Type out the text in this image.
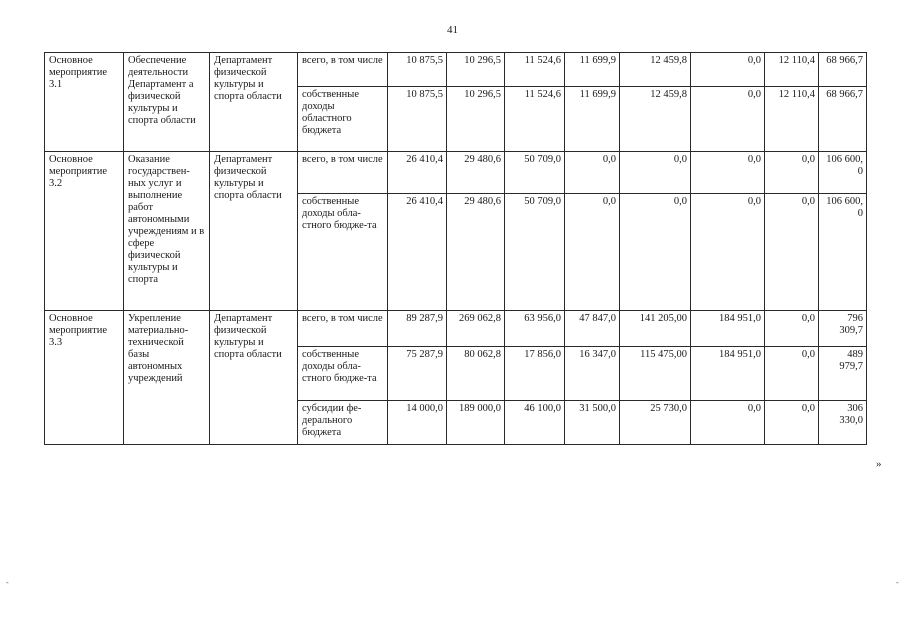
41
Основное мероприятие 3.1	Обеспечение деятельности Департамент а физической культуры и спорта области	Департамент физической культуры и спорта области	всего, в том числе	10 875,5	10 296,5	11 524,6	11 699,9	12 459,8	0,0	12 110,4	68 966,7
			собственные доходы областного бюджета	10 875,5	10 296,5	11 524,6	11 699,9	12 459,8	0,0	12 110,4	68 966,7
Основное мероприятие 3.2	Оказание государствен-ных услуг и выполнение работ автономными учреждениям и в сфере физической культуры и спорта	Департамент физической культуры и спорта области	всего, в том числе	26 410,4	29 480,6	50 709,0	0,0	0,0	0,0	0,0	106 600, 0
			собственные доходы обла-стного бюдже-та	26 410,4	29 480,6	50 709,0	0,0	0,0	0,0	0,0	106 600, 0
Основное мероприятие 3.3	Укрепление материально-технической базы автономных учреждений	Департамент физической культуры и спорта области	всего, в том числе	89 287,9	269 062,8	63 956,0	47 847,0	141 205,00	184 951,0	0,0	796 309,7
			собственные доходы обла-стного бюдже-та	75 287,9	80 062,8	17 856,0	16 347,0	115 475,00	184 951,0	0,0	489 979,7
			субсидии фе-дерального бюджета	14 000,0	189 000,0	46 100,0	31 500,0	25 730,0	0,0	0,0	306 330,0
»
-	-
